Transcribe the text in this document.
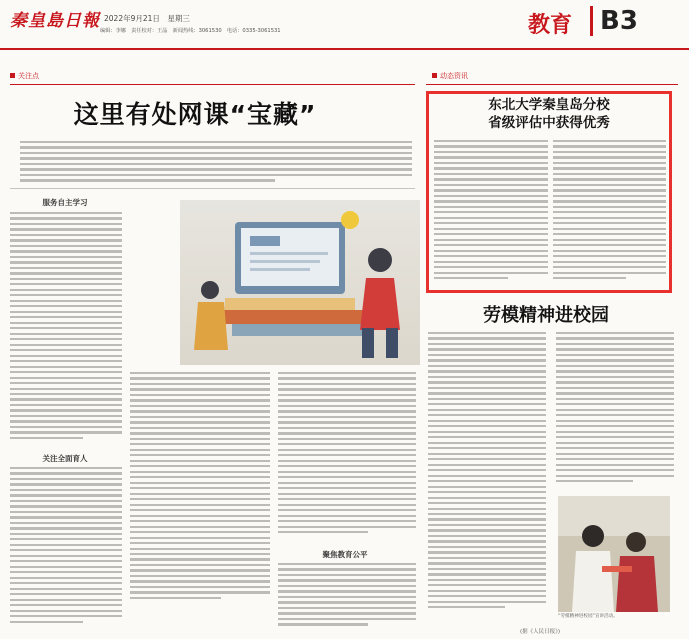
秦皇島日報 2022年9月21日　星期三
编辑：李娜　责任校对：王晶　新闻热线：3061530　电话：0335-3061531	教育 B3
关注点
这里有处网课“宝藏”
服务自主学习
关注全面育人
聚焦教育公平
动态资讯
东北大学秦皇岛分校
省级评估中获得优秀
劳模精神进校园
“劳模精神进校园”宣讲活动。
(据《人民日报》)
